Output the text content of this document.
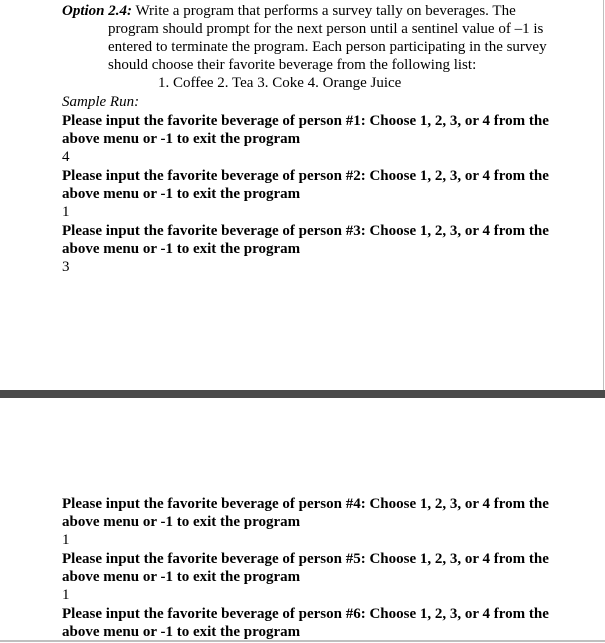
Option 2.4: Write a program that performs a survey tally on beverages. The
program should prompt for the next person until a sentinel value of –1 is
entered to terminate the program. Each person participating in the survey
should choose their favorite beverage from the following list:
1. Coffee 2. Tea 3. Coke 4. Orange Juice
Sample Run:
Please input the favorite beverage of person #1: Choose 1, 2, 3, or 4 from the
above menu or -1 to exit the program
4
Please input the favorite beverage of person #2: Choose 1, 2, 3, or 4 from the
above menu or -1 to exit the program
1
Please input the favorite beverage of person #3: Choose 1, 2, 3, or 4 from the
above menu or -1 to exit the program
3
Please input the favorite beverage of person #4: Choose 1, 2, 3, or 4 from the
above menu or -1 to exit the program
1
Please input the favorite beverage of person #5: Choose 1, 2, 3, or 4 from the
above menu or -1 to exit the program
1
Please input the favorite beverage of person #6: Choose 1, 2, 3, or 4 from the
above menu or -1 to exit the program
